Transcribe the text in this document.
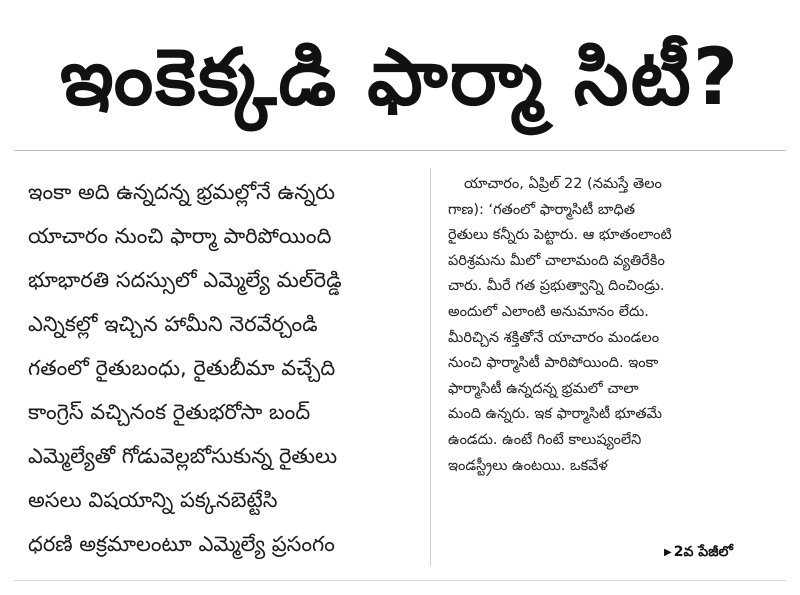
ఇంకెక్కడి ఫార్మా సిటీ?
ఇంకా అది ఉన్నదన్న భ్రమల్లోనే ఉన్నరు
యాచారం నుంచి ఫార్మా పారిపోయింది
భూభారతి సదస్సులో ఎమ్మెల్యే మల్‌రెడ్డి
ఎన్నికల్లో ఇచ్చిన హామీని నెరవేర్చండి
గతంలో రైతుబంధు, రైతుబీమా వచ్చేది
కాంగ్రెస్ వచ్చినంక రైతుభరోసా బంద్
ఎమ్మెల్యేతో గోడువెల్లబోసుకున్న రైతులు
అసలు విషయాన్ని పక్కనబెట్టేసి
ధరణి అక్రమాలంటూ ఎమ్మెల్యే ప్రసంగం
యాచారం, ఏప్రిల్ 22 (నమస్తే తెలం
గాణ): ‘గతంలో ఫార్మాసిటీ బాధిత
రైతులు కన్నీరు పెట్టారు. ఆ భూతంలాంటి
పరిశ్రమను మీలో చాలామంది వ్యతిరేకిం
చారు. మీరే గత ప్రభుత్వాన్ని దించిండ్రు.
అందులో ఎలాంటి అనుమానం లేదు.
మీరిచ్చిన శక్తితోనే యాచారం మండలం
నుంచి ఫార్మాసిటీ పారిపోయింది. ఇంకా
ఫార్మాసిటీ ఉన్నదన్న భ్రమలో చాలా
మంది ఉన్నరు. ఇక ఫార్మాసిటీ భూతమే
ఉండదు. ఉంటే గింటే కాలుష్యంలేని
ఇండస్ట్రీలు ఉంటయి. ఒకవేళ
▶ 2వ పేజీలో
